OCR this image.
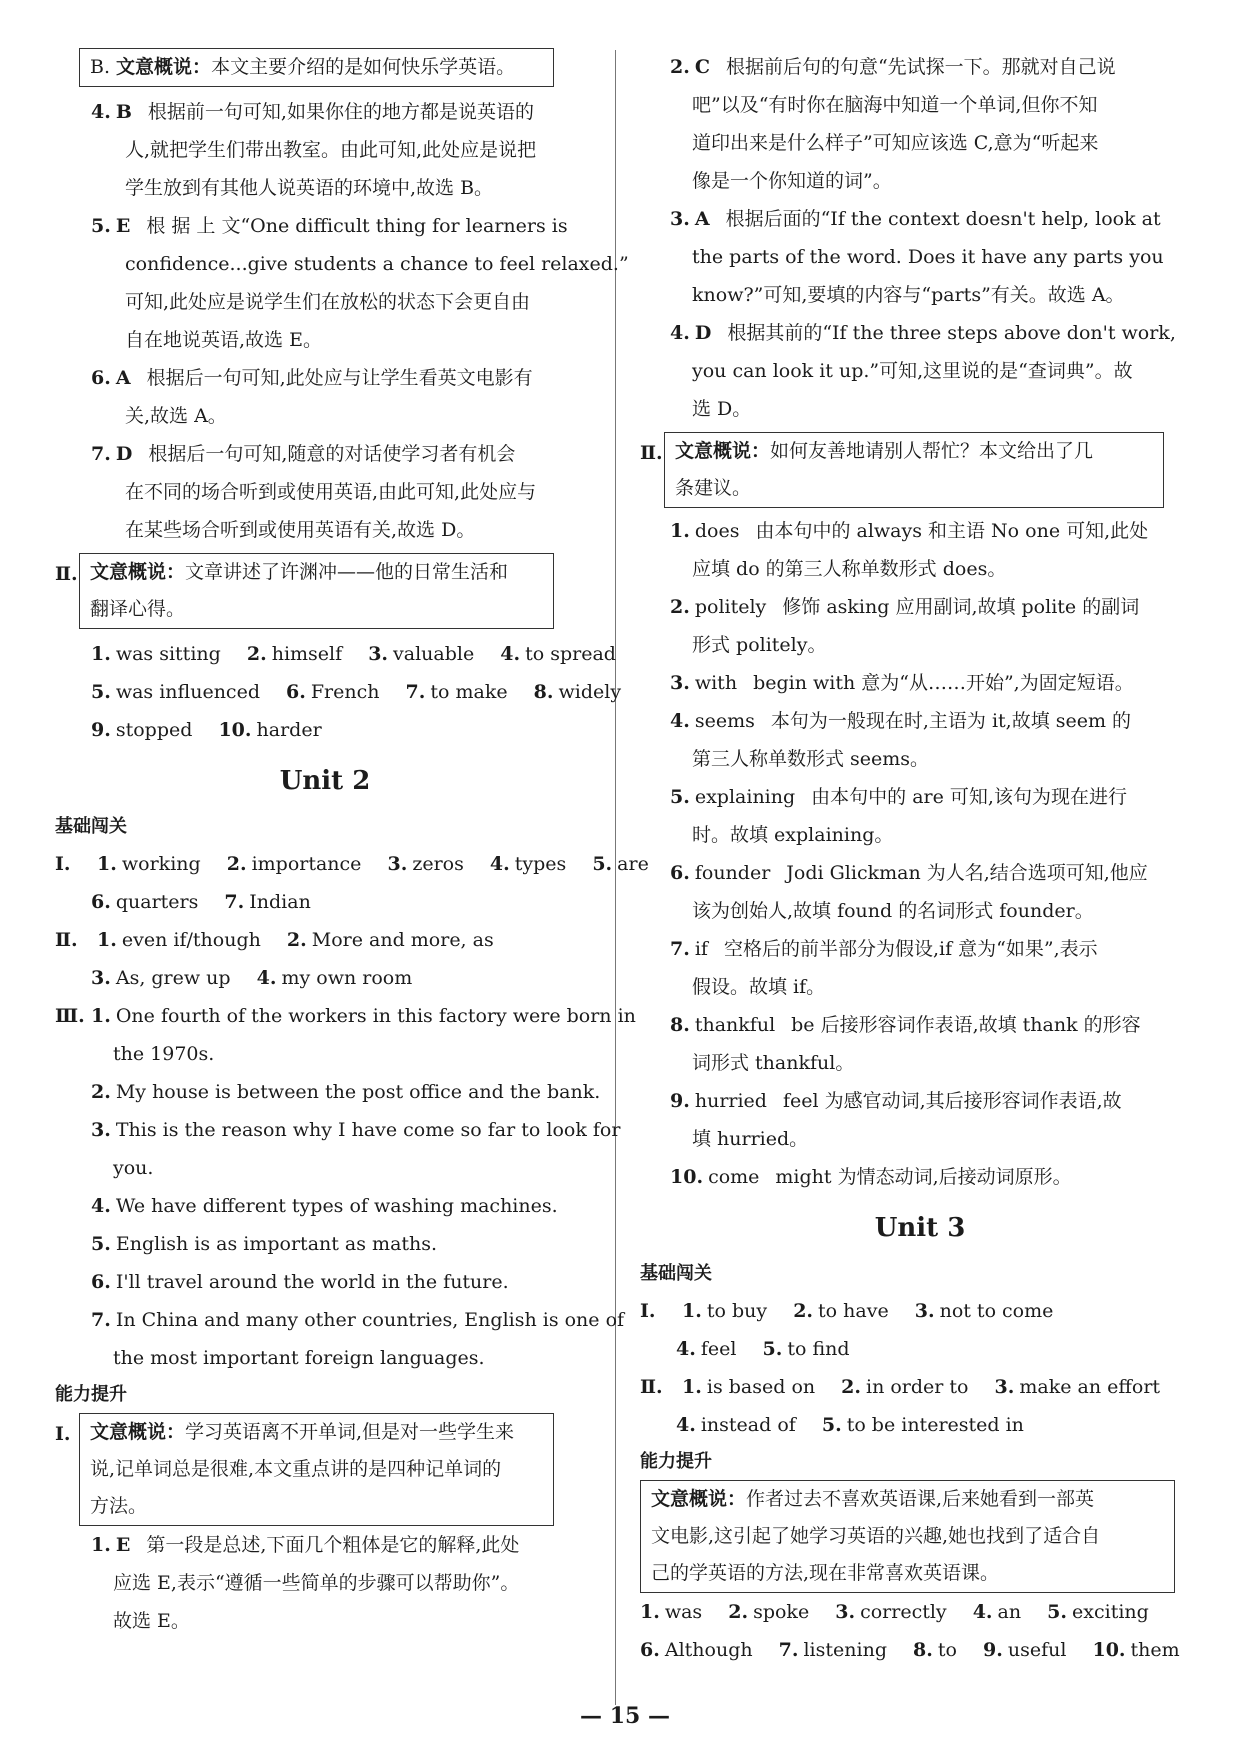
B. 文意概说：本文主要介绍的是如何快乐学英语。
4. B 根据前一句可知,如果你住的地方都是说英语的
人,就把学生们带出教室。由此可知,此处应是说把
学生放到有其他人说英语的环境中,故选 B。
5. E 根 据 上 文“One difficult thing for learners is
confidence...give students a chance to feel relaxed.”
可知,此处应是说学生们在放松的状态下会更自由
自在地说英语,故选 E。
6. A 根据后一句可知,此处应与让学生看英文电影有
关,故选 A。
7. D 根据后一句可知,随意的对话使学习者有机会
在不同的场合听到或使用英语,由此可知,此处应与
在某些场合听到或使用英语有关,故选 D。
Ⅱ. 文意概说：文章讲述了许渊冲——他的日常生活和
翻译心得。
1. was sitting 2. himself 3. valuable 4. to spread
5. was influenced 6. French 7. to make 8. widely
9. stopped 10. harder
Unit 2
基础闯关
Ⅰ. 1. working 2. importance 3. zeros 4. types 5. are
6. quarters 7. Indian
Ⅱ. 1. even if/though 2. More and more, as
3. As, grew up 4. my own room
Ⅲ. 1. One fourth of the workers in this factory were born in
the 1970s.
2. My house is between the post office and the bank.
3. This is the reason why I have come so far to look for
you.
4. We have different types of washing machines.
5. English is as important as maths.
6. I'll travel around the world in the future.
7. In China and many other countries, English is one of
the most important foreign languages.
能力提升
Ⅰ.	文意概说：学习英语离不开单词,但是对一些学生来
说,记单词总是很难,本文重点讲的是四种记单词的
方法。
1. E 第一段是总述,下面几个粗体是它的解释,此处
应选 E,表示“遵循一些简单的步骤可以帮助你”。
故选 E。
2. C 根据前后句的句意“先试探一下。那就对自己说
吧”以及“有时你在脑海中知道一个单词,但你不知
道印出来是什么样子”可知应该选 C,意为“听起来
像是一个你知道的词”。
3. A 根据后面的“If the context doesn't help, look at
the parts of the word. Does it have any parts you
know?”可知,要填的内容与“parts”有关。故选 A。
4. D 根据其前的“If the three steps above don't work,
you can look it up.”可知,这里说的是“查词典”。故
选 D。
Ⅱ. 文意概说：如何友善地请别人帮忙？本文给出了几
条建议。
1. does 由本句中的 always 和主语 No one 可知,此处
应填 do 的第三人称单数形式 does。
2. politely 修饰 asking 应用副词,故填 polite 的副词
形式 politely。
3. with begin with 意为“从……开始”,为固定短语。
4. seems 本句为一般现在时,主语为 it,故填 seem 的
第三人称单数形式 seems。
5. explaining 由本句中的 are 可知,该句为现在进行
时。故填 explaining。
6. founder Jodi Glickman 为人名,结合选项可知,他应
该为创始人,故填 found 的名词形式 founder。
7. if 空格后的前半部分为假设,if 意为“如果”,表示
假设。故填 if。
8. thankful be 后接形容词作表语,故填 thank 的形容
词形式 thankful。
9. hurried feel 为感官动词,其后接形容词作表语,故
填 hurried。
10. come might 为情态动词,后接动词原形。
Unit 3
基础闯关
Ⅰ. 1. to buy 2. to have 3. not to come
4. feel 5. to find
Ⅱ. 1. is based on 2. in order to 3. make an effort
4. instead of 5. to be interested in
能力提升
文意概说：作者过去不喜欢英语课,后来她看到一部英
文电影,这引起了她学习英语的兴趣,她也找到了适合自
己的学英语的方法,现在非常喜欢英语课。
1. was 2. spoke 3. correctly 4. an 5. exciting
6. Although 7. listening 8. to 9. useful 10. them
— 15 —
